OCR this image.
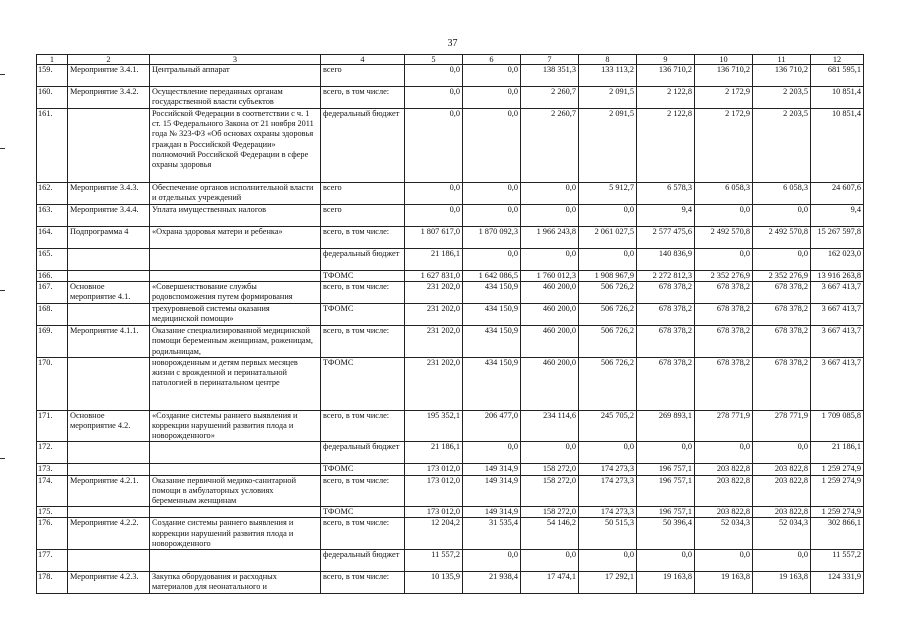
37
1	2	3	4	5	6	7	8	9	10	11	12
159.	Мероприятие 3.4.1.	Центральный аппарат	всего	0,0	0,0	138 351,3	133 113,2	136 710,2	136 710,2	136 710,2	681 595,1
160.	Мероприятие 3.4.2.	Осуществление переданных органам государственной власти субъектов	всего, в том числе:	0,0	0,0	2 260,7	2 091,5	2 122,8	2 172,9	2 203,5	10 851,4
161.		Российской Федерации в соответствии с ч. 1 ст. 15 Федерального Закона от 21 ноября 2011 года № 323-ФЗ «Об основах охраны здоровья граждан в Российской Федерации» полномочий Российской Федерации в сфере охраны здоровья	федеральный бюджет	0,0	0,0	2 260,7	2 091,5	2 122,8	2 172,9	2 203,5	10 851,4
162.	Мероприятие 3.4.3.	Обеспечение органов исполнительной власти и отдельных учреждений	всего	0,0	0,0	0,0	5 912,7	6 578,3	6 058,3	6 058,3	24 607,6
163.	Мероприятие 3.4.4.	Уплата имущественных налогов	всего	0,0	0,0	0,0	0,0	9,4	0,0	0,0	9,4
164.	Подпрограмма 4	«Охрана здоровья матери и ребенка»	всего, в том числе:	1 807 617,0	1 870 092,3	1 966 243,8	2 061 027,5	2 577 475,6	2 492 570,8	2 492 570,8	15 267 597,8
165.			федеральный бюджет	21 186,1	0,0	0,0	0,0	140 836,9	0,0	0,0	162 023,0
166.			ТФОМС	1 627 831,0	1 642 086,5	1 760 012,3	1 908 967,9	2 272 812,3	2 352 276,9	2 352 276,9	13 916 263,8
167.	Основное мероприятие 4.1.	«Совершенствование службы родовспоможения путем формирования	всего, в том числе:	231 202,0	434 150,9	460 200,0	506 726,2	678 378,2	678 378,2	678 378,2	3 667 413,7
168.		трехуровневой системы оказания медицинской помощи»	ТФОМС	231 202,0	434 150,9	460 200,0	506 726,2	678 378,2	678 378,2	678 378,2	3 667 413,7
169.	Мероприятие 4.1.1.	Оказание специализированной медицинской помощи беременным женщинам, роженицам, родильницам,	всего, в том числе:	231 202,0	434 150,9	460 200,0	506 726,2	678 378,2	678 378,2	678 378,2	3 667 413,7
170.		новорожденным и детям первых месяцев жизни с врожденной и перинатальной патологией в перинатальном центре	ТФОМС	231 202,0	434 150,9	460 200,0	506 726,2	678 378,2	678 378,2	678 378,2	3 667 413,7
171.	Основное мероприятие 4.2.	«Создание системы раннего выявления и коррекции нарушений развития плода и новорожденного»	всего, в том числе:	195 352,1	206 477,0	234 114,6	245 705,2	269 893,1	278 771,9	278 771,9	1 709 085,8
172.			федеральный бюджет	21 186,1	0,0	0,0	0,0	0,0	0,0	0,0	21 186,1
173.			ТФОМС	173 012,0	149 314,9	158 272,0	174 273,3	196 757,1	203 822,8	203 822,8	1 259 274,9
174.	Мероприятие 4.2.1.	Оказание первичной медико-санитарной помощи в амбулаторных условиях беременным женщинам	всего, в том числе:	173 012,0	149 314,9	158 272,0	174 273,3	196 757,1	203 822,8	203 822,8	1 259 274,9
175.			ТФОМС	173 012,0	149 314,9	158 272,0	174 273,3	196 757,1	203 822,8	203 822,8	1 259 274,9
176.	Мероприятие 4.2.2.	Создание системы раннего выявления и коррекции нарушений развития плода и новорожденного	всего, в том числе:	12 204,2	31 535,4	54 146,2	50 515,3	50 396,4	52 034,3	52 034,3	302 866,1
177.			федеральный бюджет	11 557,2	0,0	0,0	0,0	0,0	0,0	0,0	11 557,2
178.	Мероприятие 4.2.3.	Закупка оборудования и расходных материалов для неонатального и	всего, в том числе:	10 135,9	21 938,4	17 474,1	17 292,1	19 163,8	19 163,8	19 163,8	124 331,9
